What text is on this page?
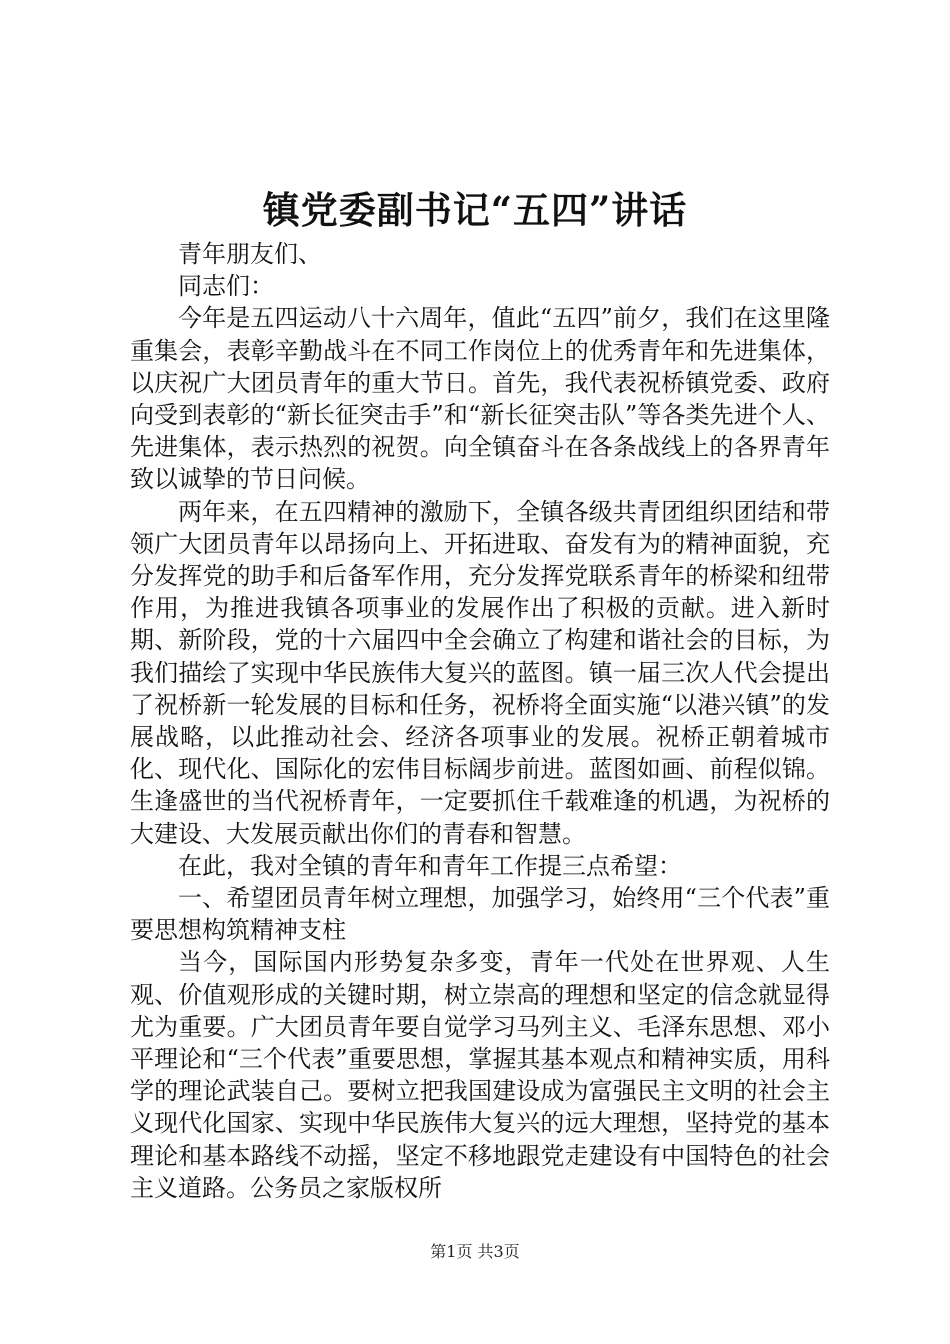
镇党委副书记“五四”讲话

青年朋友们、

同志们：

今年是五四运动八十六周年，值此“五四”前夕，我们在这里隆重集会，表彰辛勤战斗在不同工作岗位上的优秀青年和先进集体，以庆祝广大团员青年的重大节日。首先，我代表祝桥镇党委、政府向受到表彰的“新长征突击手”和“新长征突击队”等各类先进个人、先进集体，表示热烈的祝贺。向全镇奋斗在各条战线上的各界青年致以诚挚的节日问候。

两年来，在五四精神的激励下，全镇各级共青团组织团结和带领广大团员青年以昂扬向上、开拓进取、奋发有为的精神面貌，充分发挥党的助手和后备军作用，充分发挥党联系青年的桥梁和纽带作用，为推进我镇各项事业的发展作出了积极的贡献。进入新时期、新阶段，党的十六届四中全会确立了构建和谐社会的目标，为我们描绘了实现中华民族伟大复兴的蓝图。镇一届三次人代会提出了祝桥新一轮发展的目标和任务，祝桥将全面实施“以港兴镇”的发展战略，以此推动社会、经济各项事业的发展。祝桥正朝着城市化、现代化、国际化的宏伟目标阔步前进。蓝图如画、前程似锦。生逢盛世的当代祝桥青年，一定要抓住千载难逢的机遇，为祝桥的大建设、大发展贡献出你们的青春和智慧。

在此，我对全镇的青年和青年工作提三点希望：

一、希望团员青年树立理想，加强学习，始终用“三个代表”重要思想构筑精神支柱

当今，国际国内形势复杂多变，青年一代处在世界观、人生观、价值观形成的关键时期，树立崇高的理想和坚定的信念就显得尤为重要。广大团员青年要自觉学习马列主义、毛泽东思想、邓小平理论和“三个代表”重要思想，掌握其基本观点和精神实质，用科学的理论武装自己。要树立把我国建设成为富强民主文明的社会主义现代化国家、实现中华民族伟大复兴的远大理想，坚持党的基本理论和基本路线不动摇，坚定不移地跟党走建设有中国特色的社会主义道路。公务员之家版权所

第1页 共3页
